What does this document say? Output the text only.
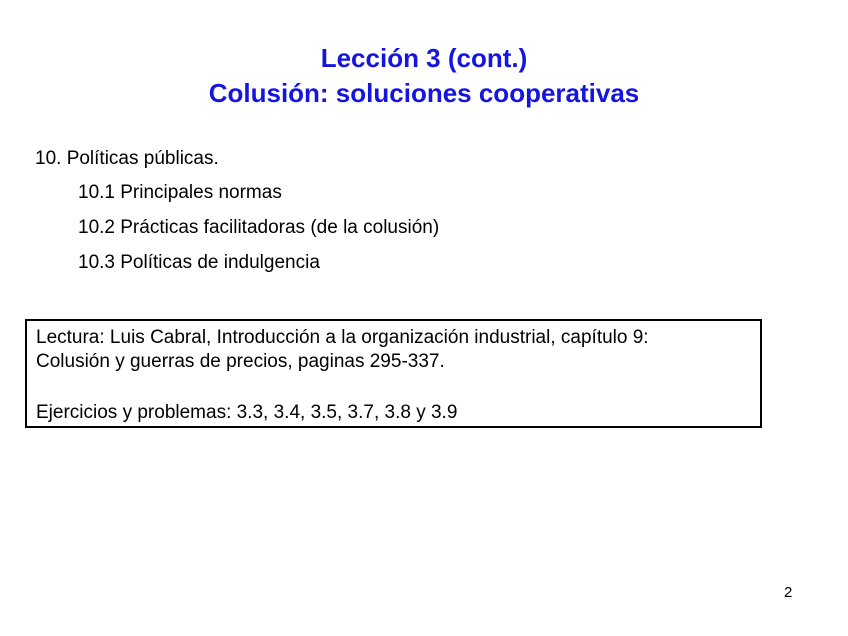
Lección 3 (cont.)
Colusión: soluciones cooperativas
10. Políticas públicas.
10.1 Principales normas
10.2 Prácticas facilitadoras (de la colusión)
10.3 Políticas de indulgencia
Lectura: Luis Cabral, Introducción a la organización industrial, capítulo 9:
Colusión y guerras de precios, paginas 295-337.
Ejercicios y problemas: 3.3, 3.4, 3.5, 3.7, 3.8 y 3.9
2
